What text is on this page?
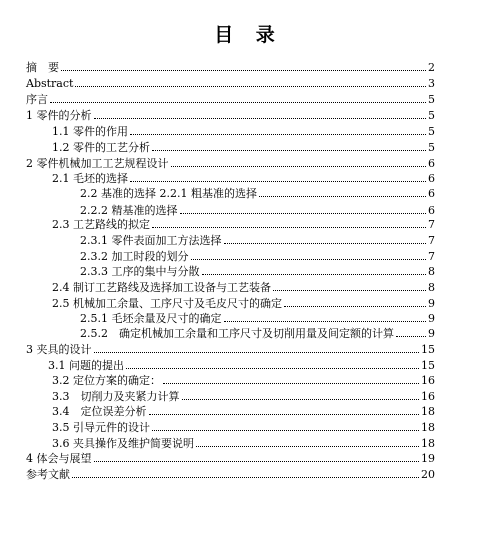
目 录
摘　要	2
Abstract	3
序言	5
1 零件的分析	5
1.1 零件的作用	5
1.2 零件的工艺分析	5
2 零件机械加工工艺规程设计	6
2.1 毛坯的选择	6
2.2 基准的选择 2.2.1 粗基准的选择	6
2.2.2 精基准的选择	6
2.3 工艺路线的拟定	7
2.3.1 零件表面加工方法选择	7
2.3.2 加工时段的划分	7
2.3.3 工序的集中与分散	8
2.4 制订工艺路线及选择加工设备与工艺装备	8
2.5 机械加工余量、工序尺寸及毛皮尺寸的确定	9
2.5.1 毛坯余量及尺寸的确定	9
2.5.2　确定机械加工余量和工序尺寸及切削用量及间定额的计算	9
3 夹具的设计	15
3.1 问题的提出	15
3.2 定位方案的确定：	16
3.3　切削力及夹紧力计算	16
3.4　定位误差分析	18
3.5 引导元件的设计	18
3.6 夹具操作及维护简要说明	18
4 体会与展望	19
参考文献	20
